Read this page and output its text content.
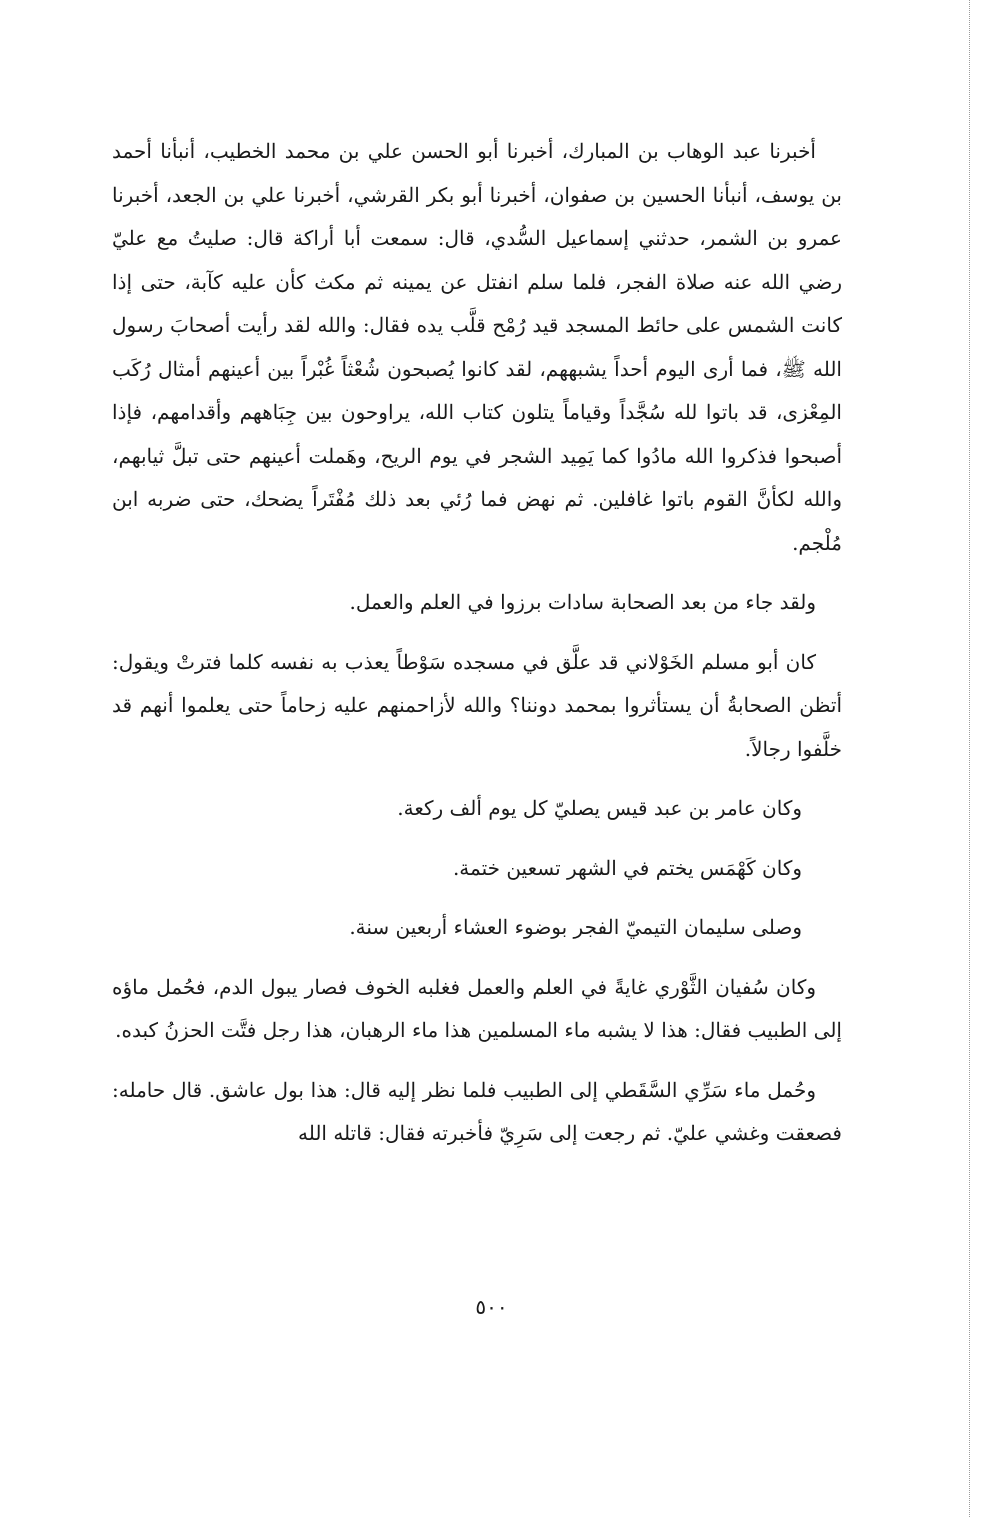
أخبرنا عبد الوهاب بن المبارك، أخبرنا أبو الحسن علي بن محمد الخطيب، أنبأنا أحمد بن يوسف، أنبأنا الحسين بن صفوان، أخبرنا أبو بكر القرشي، أخبرنا علي بن الجعد، أخبرنا عمرو بن الشمر، حدثني إسماعيل السُّدي، قال: سمعت أبا أراكة قال: صليتُ مع عليّ رضي الله عنه صلاة الفجر، فلما سلم انفتل عن يمينه ثم مكث كأن عليه كآبة، حتى إذا كانت الشمس على حائط المسجد قيد رُمْح قلَّب يده فقال: والله لقد رأيت أصحابَ رسول الله ﷺ، فما أرى اليوم أحداً يشبههم، لقد كانوا يُصبحون شُعْثاً غُبْراً بين أعينهم أمثال رُكَب المِعْزى، قد باتوا لله سُجَّداً وقياماً يتلون كتاب الله، يراوحون بين جِبَاههم وأقدامهم، فإذا أصبحوا فذكروا الله مادُوا كما يَمِيد الشجر في يوم الريح، وهَملت أعينهم حتى تبلَّ ثيابهم، والله لكأنَّ القوم باتوا غافلين. ثم نهض فما رُئي بعد ذلك مُفْتَراً يضحك، حتى ضربه ابن مُلْجم.

ولقد جاء من بعد الصحابة سادات برزوا في العلم والعمل.

كان أبو مسلم الخَوْلاني قد علَّق في مسجده سَوْطاً يعذب به نفسه كلما فترتْ ويقول: أتظن الصحابةُ أن يستأثروا بمحمد دوننا؟ والله لأزاحمنهم عليه زحاماً حتى يعلموا أنهم قد خلَّفوا رجالاً.

وكان عامر بن عبد قيس يصليّ كل يوم ألف ركعة.

وكان كَهْمَس يختم في الشهر تسعين ختمة.

وصلى سليمان التيميّ الفجر بوضوء العشاء أربعين سنة.

وكان سُفيان الثَّوْري غايةً في العلم والعمل فغلبه الخوف فصار يبول الدم، فحُمل ماؤه إلى الطبيب فقال: هذا لا يشبه ماء المسلمين هذا ماء الرهبان، هذا رجل فتَّت الحزنُ كبده.

وحُمل ماء سَرِّي السَّقَطي إلى الطبيب فلما نظر إليه قال: هذا بول عاشق. قال حامله: فصعقت وغشي عليّ. ثم رجعت إلى سَرِيّ فأخبرته فقال: قاتله الله

٥٠٠
